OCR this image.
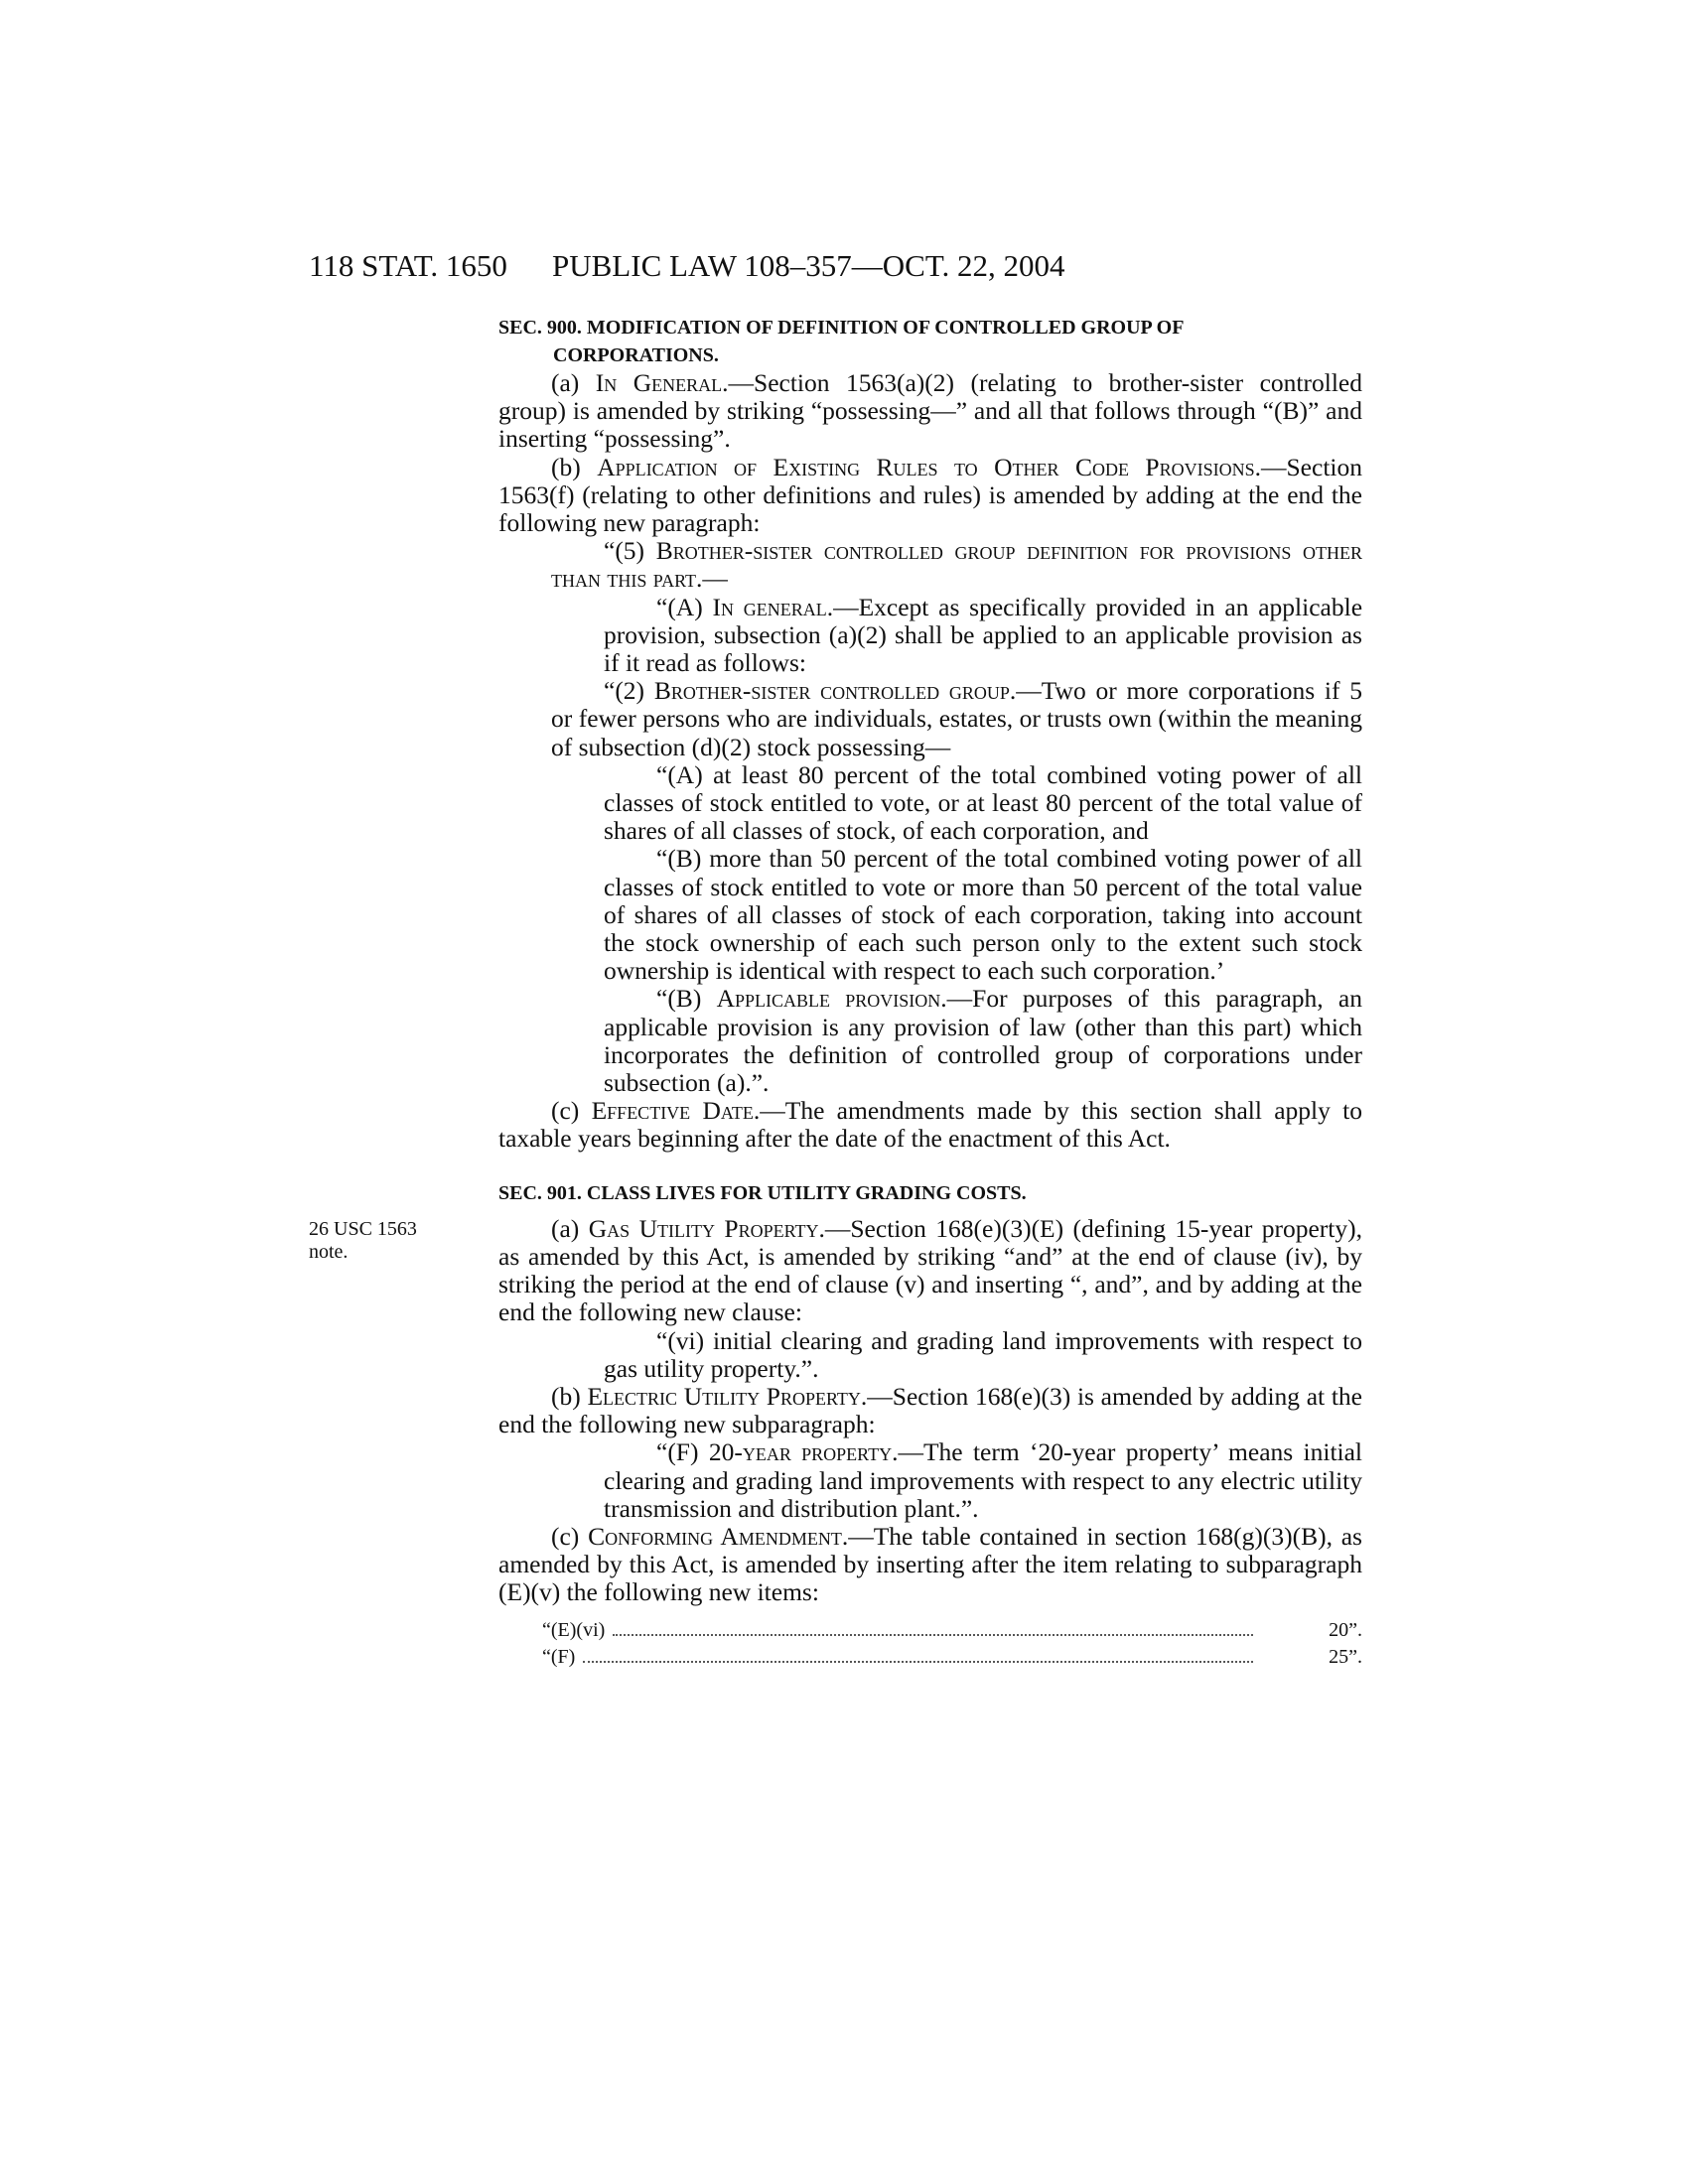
118 STAT. 1650 PUBLIC LAW 108–357—OCT. 22, 2004
26 USC 1563 note.
SEC. 900. MODIFICATION OF DEFINITION OF CONTROLLED GROUP OF
CORPORATIONS.

(a) In General.—Section 1563(a)(2) (relating to brother-sister controlled group) is amended by striking “possessing—” and all that follows through “(B)” and inserting “possessing”.

(b) Application of Existing Rules to Other Code Provisions.—Section 1563(f) (relating to other definitions and rules) is amended by adding at the end the following new paragraph:

“(5) Brother-sister controlled group definition for provisions other than this part.—

“(A) In general.—Except as specifically provided in an applicable provision, subsection (a)(2) shall be applied to an applicable provision as if it read as follows:

“(2) Brother-sister controlled group.—Two or more corporations if 5 or fewer persons who are individuals, estates, or trusts own (within the meaning of subsection (d)(2) stock possessing—

“(A) at least 80 percent of the total combined voting power of all classes of stock entitled to vote, or at least 80 percent of the total value of shares of all classes of stock, of each corporation, and

“(B) more than 50 percent of the total combined voting power of all classes of stock entitled to vote or more than 50 percent of the total value of shares of all classes of stock of each corporation, taking into account the stock ownership of each such person only to the extent such stock ownership is identical with respect to each such corporation.’

“(B) Applicable provision.—For purposes of this paragraph, an applicable provision is any provision of law (other than this part) which incorporates the definition of controlled group of corporations under subsection (a).”.

(c) Effective Date.—The amendments made by this section shall apply to taxable years beginning after the date of the enactment of this Act.

SEC. 901. CLASS LIVES FOR UTILITY GRADING COSTS.

(a) Gas Utility Property.—Section 168(e)(3)(E) (defining 15-year property), as amended by this Act, is amended by striking “and” at the end of clause (iv), by striking the period at the end of clause (v) and inserting “, and”, and by adding at the end the following new clause:

“(vi) initial clearing and grading land improvements with respect to gas utility property.”.

(b) Electric Utility Property.—Section 168(e)(3) is amended by adding at the end the following new subparagraph:

“(F) 20-year property.—The term ‘20-year property’ means initial clearing and grading land improvements with respect to any electric utility transmission and distribution plant.”.

(c) Conforming Amendment.—The table contained in section 168(g)(3)(B), as amended by this Act, is amended by inserting after the item relating to subparagraph (E)(v) the following new items:

“(E)(vi)	20”.
“(F)	25”.
